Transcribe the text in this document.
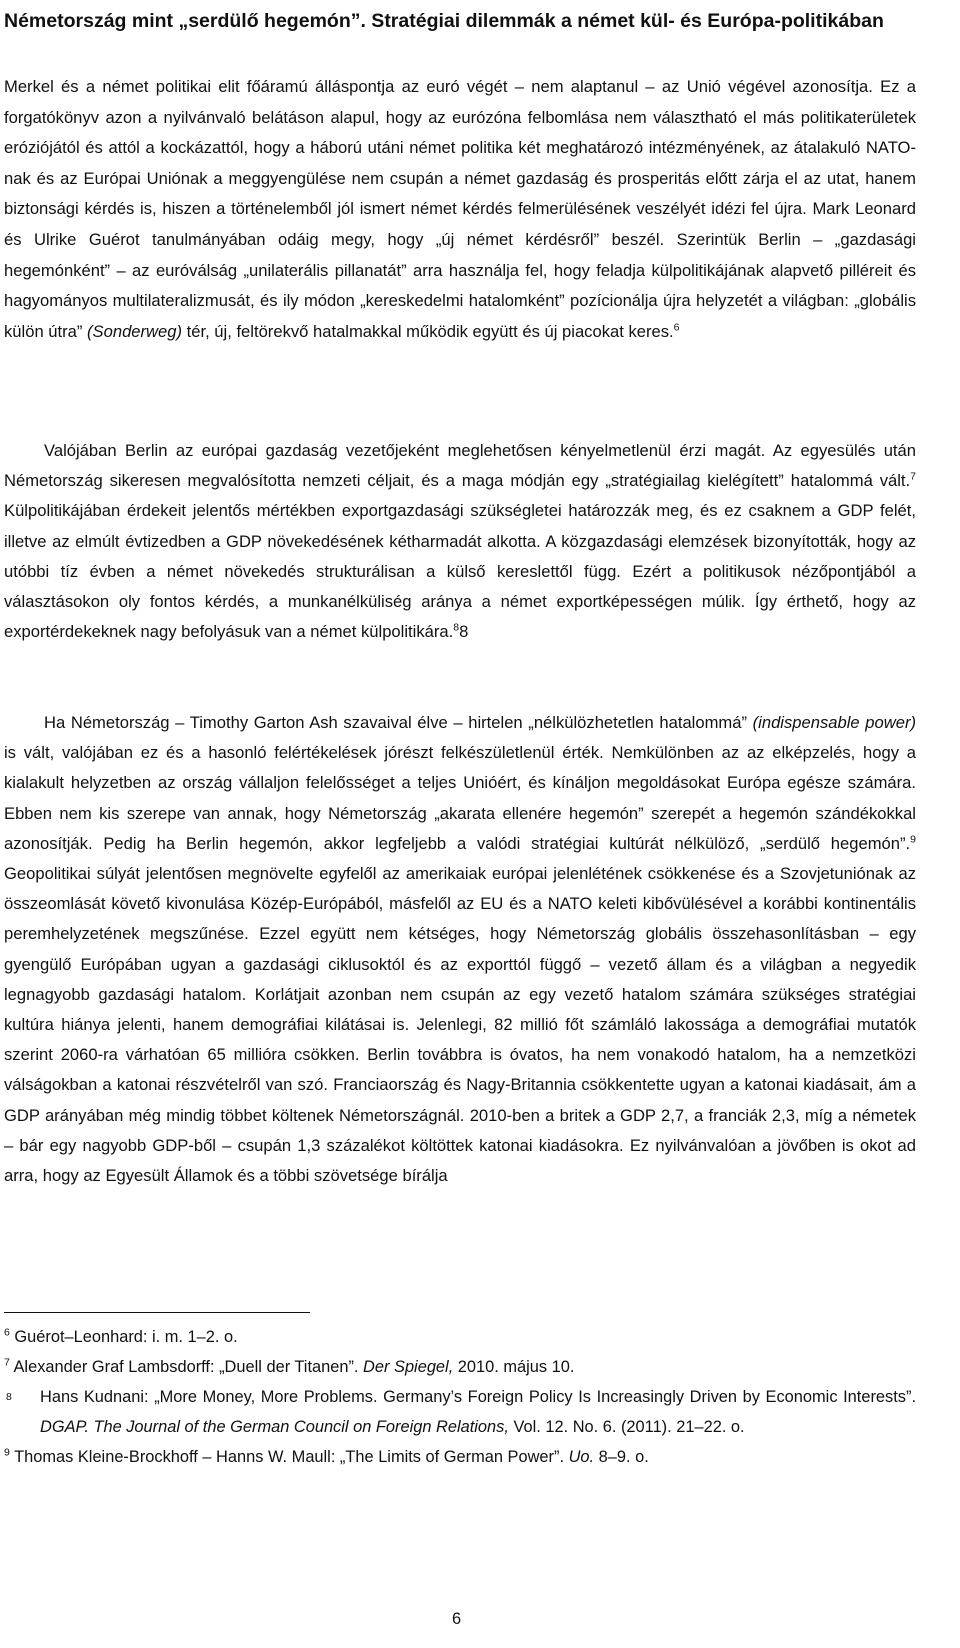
Németország mint „serdülő hegemón”. Stratégiai dilemmák a német kül- és Európa-politikában

Merkel és a német politikai elit főáramú álláspontja az euró végét – nem alaptanul – az Unió végével azonosítja. Ez a forgatókönyv azon a nyilvánvaló belátáson alapul, hogy az eurózóna felbomlása nem választható el más politikaterületek eróziójától és attól a kockázattól, hogy a háború utáni német politika két meghatározó intézményének, az átalakuló NATO-nak és az Európai Uniónak a meggyengülése nem csupán a német gazdaság és prosperitás előtt zárja el az utat, hanem biztonsági kérdés is, hiszen a történelemből jól ismert német kérdés felmerülésének veszélyét idézi fel újra. Mark Leonard és Ulrike Guérot tanulmányában odáig megy, hogy „új német kérdésről” beszél. Szerintük Berlin – „gazdasági hegemónként” – az euróválság „unilaterális pillanatát” arra használja fel, hogy feladja külpolitikájának alapvető pilléreit és hagyományos multilateralizmusát, és ily módon „kereskedelmi hatalomként” pozícionálja újra helyzetét a világban: „globális külön útra” (Sonderweg) tér, új, feltörekvő hatalmakkal működik együtt és új piacokat keres.$^6$

Valójában Berlin az európai gazdaság vezetőjeként meglehetősen kényelmetlenül érzi magát. Az egyesülés után Németország sikeresen megvalósította nemzeti céljait, és a maga módján egy „stratégiailag kielégített” hatalommá vált.$^7$ Külpolitikájában érdekeit jelentős mértékben exportgazdasági szükségletei határozzák meg, és ez csaknem a GDP felét, illetve az elmúlt évtizedben a GDP növekedésének kétharmadát alkotta. A közgazdasági elemzések bizonyították, hogy az utóbbi tíz évben a német növekedés strukturálisan a külső kereslettől függ. Ezért a politikusok nézőpontjából a választásokon oly fontos kérdés, a munkanélküliség aránya a német exportképességen múlik. Így érthető, hogy az exportérdekeknek nagy befolyásuk van a német külpolitikára.$^8$8

Ha Németország – Timothy Garton Ash szavaival élve – hirtelen „nélkülözhetetlen hatalommá” (indispensable power) is vált, valójában ez és a hasonló felértékelések jórészt felkészületlenül érték. Nemkülönben az az elképzelés, hogy a kialakult helyzetben az ország vállaljon felelősséget a teljes Unióért, és kínáljon megoldásokat Európa egésze számára. Ebben nem kis szerepe van annak, hogy Németország „akarata ellenére hegemón” szerepét a hegemón szándékokkal azonosítják. Pedig ha Berlin hegemón, akkor legfeljebb a valódi stratégiai kultúrát nélkülöző, „serdülő hegemón”.$^9$ Geopolitikai súlyát jelentősen megnövelte egyfelől az amerikaiak európai jelenlétének csökkenése és a Szovjetuniónak az összeomlását követő kivonulása Közép-Európából, másfelől az EU és a NATO keleti kibővülésével a korábbi kontinentális peremhelyzetének megszűnése. Ezzel együtt nem kétséges, hogy Németország globális összehasonlításban – egy gyengülő Európában ugyan a gazdasági ciklusoktól és az exporttól függő – vezető állam és a világban a negyedik legnagyobb gazdasági hatalom. Korlátjait azonban nem csupán az egy vezető hatalom számára szükséges stratégiai kultúra hiánya jelenti, hanem demográfiai kilátásai is. Jelenlegi, 82 millió főt számláló lakossága a demográfiai mutatók szerint 2060-ra várhatóan 65 millióra csökken. Berlin továbbra is óvatos, ha nem vonakodó hatalom, ha a nemzetközi válságokban a katonai részvételről van szó. Franciaország és Nagy-Britannia csökkentette ugyan a katonai kiadásait, ám a GDP arányában még mindig többet költenek Németországnál. 2010-ben a britek a GDP 2,7, a franciák 2,3, míg a németek – bár egy nagyobb GDP-ből – csupán 1,3 százalékot költöttek katonai kiadásokra. Ez nyilvánvalóan a jövőben is okot ad arra, hogy az Egyesült Államok és a többi szövetsége bírálja

$^6$ Guérot–Leonhard: i. m. 1–2. o.

$^7$ Alexander Graf Lambsdorff: „Duell der Titanen”. Der Spiegel, 2010. május 10.

8 Hans Kudnani: „More Money, More Problems. Germany’s Foreign Policy Is Increasingly Driven by Economic Interests”. DGAP. The Journal of the German Council on Foreign Relations, Vol. 12. No. 6. (2011). 21–22. o.

$^9$ Thomas Kleine-Brockhoff – Hanns W. Maull: „The Limits of German Power”. Uo. 8–9. o.

6
